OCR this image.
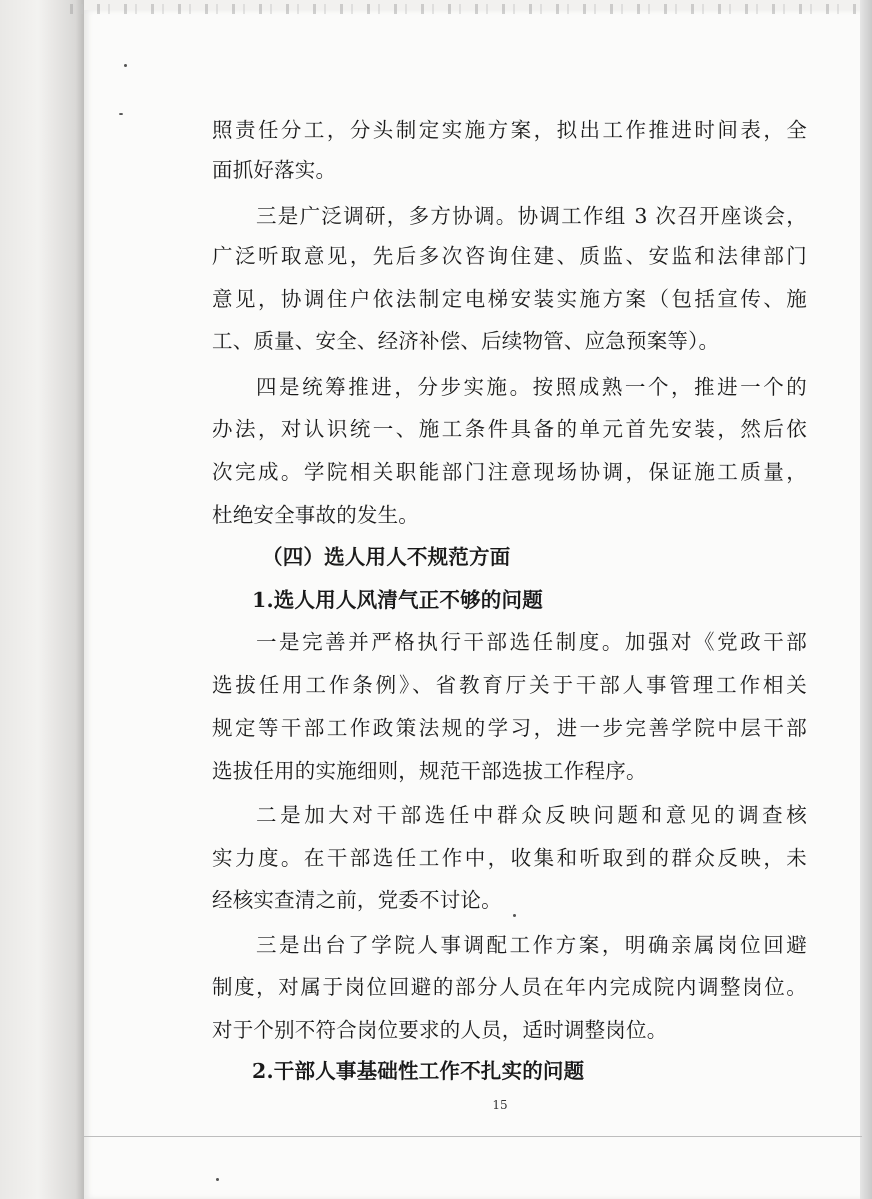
照责任分工，分头制定实施方案，拟出工作推进时间表，全
面抓好落实。
三是广泛调研，多方协调。协调工作组 3 次召开座谈会，
广泛听取意见，先后多次咨询住建、质监、安监和法律部门
意见，协调住户依法制定电梯安装实施方案（包括宣传、施
工、质量、安全、经济补偿、后续物管、应急预案等）。
四是统筹推进，分步实施。按照成熟一个，推进一个的
办法，对认识统一、施工条件具备的单元首先安装，然后依
次完成。学院相关职能部门注意现场协调，保证施工质量，
杜绝安全事故的发生。
（四）选人用人不规范方面
1.选人用人风清气正不够的问题
一是完善并严格执行干部选任制度。加强对《党政干部
选拔任用工作条例》、省教育厅关于干部人事管理工作相关
规定等干部工作政策法规的学习，进一步完善学院中层干部
选拔任用的实施细则，规范干部选拔工作程序。
二是加大对干部选任中群众反映问题和意见的调查核
实力度。在干部选任工作中，收集和听取到的群众反映，未
经核实查清之前，党委不讨论。
三是出台了学院人事调配工作方案，明确亲属岗位回避
制度，对属于岗位回避的部分人员在年内完成院内调整岗位。
对于个别不符合岗位要求的人员，适时调整岗位。
2.干部人事基础性工作不扎实的问题
15
